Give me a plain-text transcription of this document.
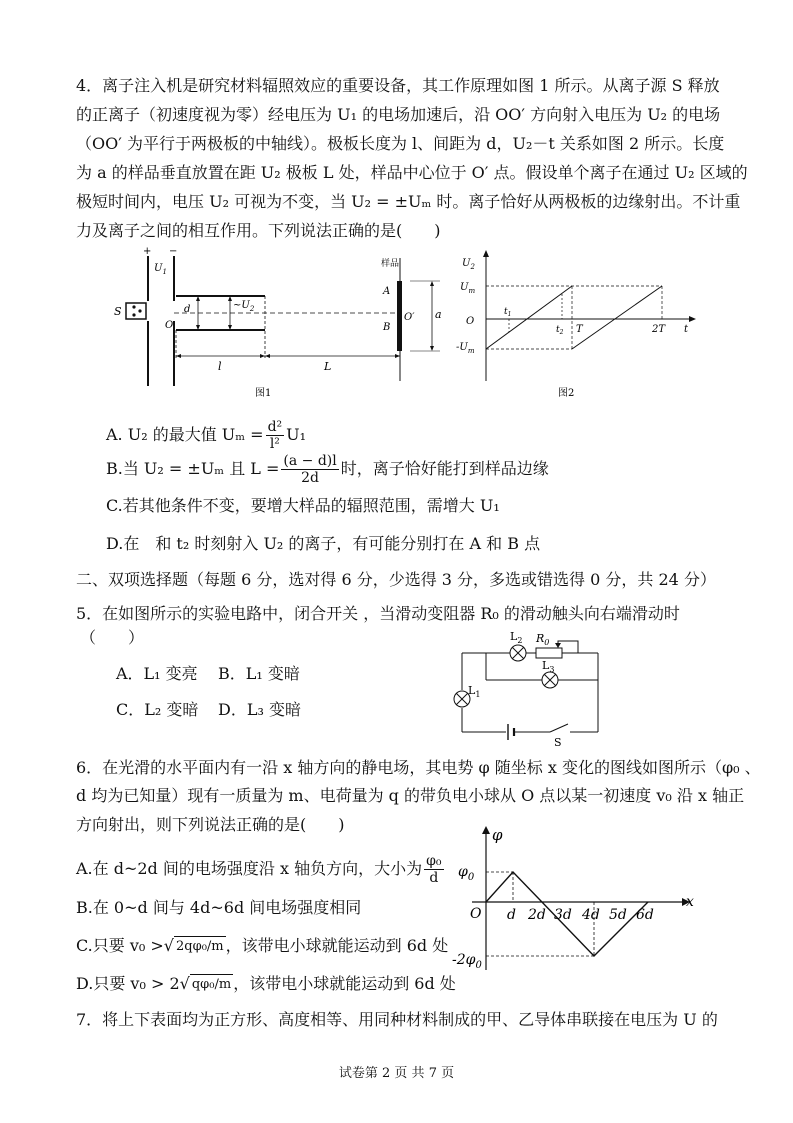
4．离子注入机是研究材料辐照效应的重要设备，其工作原理如图 1 所示。从离子源 S 释放
的正离子（初速度视为零）经电压为 U₁ 的电场加速后，沿 OO′ 方向射入电压为 U₂ 的电场
（OO′ 为平行于两极板的中轴线）。极板长度为 l、间距为 d，U₂－t 关系如图 2 所示。长度
为 a 的样品垂直放置在距 U₂ 极板 L 处，样品中心位于 O′ 点。假设单个离子在通过 U₂ 区域的
极短时间内，电压 U₂ 可视为不变，当 U₂ = ±Uₘ 时。离子恰好从两极板的边缘射出。不计重
力及离子之间的相互作用。下列说法正确的是(　　)
+ −
$U_1$
S
O
d	$\sim U_2$
l	L
样品
A
B
O′ a
图1
$U_2$
$U_m$
O
$-U_m$
$t_1$
$t_2$ T	2T t
图2
A. U₂ 的最大值 $U_m = \frac{\text{d²}}{\text{l²}} U_1$
B.当 U₂ = ±Uₘ 且 $L = \frac{(a - d)l}{2d}$ 时，离子恰好能打到样品边缘
C.若其他条件不变，要增大样品的辐照范围，需增大 U₁
D.在　和 t₂ 时刻射入 U₂ 的离子，有可能分别打在 A 和 B 点
二、双项选择题（每题 6 分，选对得 6 分，少选得 3 分，多选或错选得 0 分，共 24 分）
5．在如图所示的实验电路中，闭合开关 ，当滑动变阻器 R₀ 的滑动触头向右端滑动时
（　　）
A．L₁ 变亮 B．L₁ 变暗
C．L₂ 变暗 D．L₃ 变暗
$L_2$ $R_0$
$L_3$
$L_1$
S
6．在光滑的水平面内有一沿 x 轴方向的静电场，其电势 φ 随坐标 x 变化的图线如图所示（φ₀ 、
d 均为已知量）现有一质量为 m、电荷量为 q 的带负电小球从 O 点以某一初速度 v₀ 沿 x 轴正
方向射出，则下列说法正确的是(　　)
A.在 d~2d 间的电场强度沿 x 轴负方向，大小为 $\frac{\text{φ₀}}{d}$
B.在 0~d 间与 4d~6d 间电场强度相同
C.只要 v₀ >√ 2qφ₀/m ，该带电小球就能运动到 6d 处
D.只要 v₀ > 2√ qφ₀/m ，该带电小球就能运动到 6d 处
φ
$\varphi_0$
$-2\varphi_0$
O
x
d 2d 3d 4d 5d 6d
7．将上下表面均为正方形、高度相等、用同种材料制成的甲、乙导体串联接在电压为 U 的
试卷第 2 页 共 7 页
